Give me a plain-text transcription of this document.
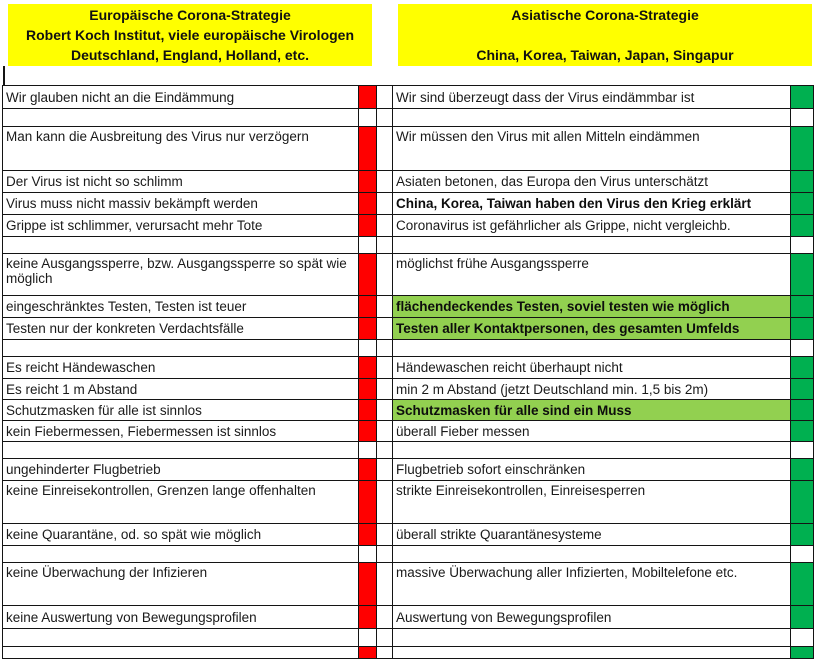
Europäische Corona-Strategie
Robert Koch Institut, viele europäische Virologen
Deutschland, England, Holland, etc.
Asiatische Corona-Strategie
China, Korea, Taiwan, Japan, Singapur
Wir glauben nicht an die Eindämmung			Wir sind überzeugt dass der Virus eindämmbar ist	

Man kann die Ausbreitung des Virus nur verzögern			Wir müssen den Virus mit allen Mitteln eindämmen	
Der Virus ist nicht so schlimm			Asiaten betonen, das Europa den Virus unterschätzt	
Virus muss nicht massiv bekämpft werden			China, Korea, Taiwan haben den Virus den Krieg erklärt	
Grippe ist schlimmer, verursacht mehr Tote			Coronavirus ist gefährlicher als Grippe, nicht vergleichb.	

keine Ausgangssperre, bzw. Ausgangssperre so spät wie möglich			möglichst frühe Ausgangssperre	
eingeschränktes Testen, Testen ist teuer			flächendeckendes Testen, soviel testen wie möglich	
Testen nur der konkreten Verdachtsfälle			Testen aller Kontaktpersonen, des gesamten Umfelds	

Es reicht Händewaschen			Händewaschen reicht überhaupt nicht	
Es reicht 1 m Abstand			min 2 m Abstand (jetzt Deutschland min. 1,5 bis 2m)	
Schutzmasken für alle ist sinnlos			Schutzmasken für alle sind ein Muss	
kein Fiebermessen, Fiebermessen ist sinnlos			überall Fieber messen	

ungehinderter Flugbetrieb			Flugbetrieb sofort einschränken	
keine Einreisekontrollen, Grenzen lange offenhalten			strikte Einreisekontrollen, Einreisesperren	
keine Quarantäne, od. so spät wie möglich			überall strikte Quarantänesysteme	

keine Überwachung der Infizieren			massive Überwachung aller Infizierten, Mobiltelefone etc.	
keine Auswertung von Bewegungsprofilen			Auswertung von Bewegungsprofilen	
